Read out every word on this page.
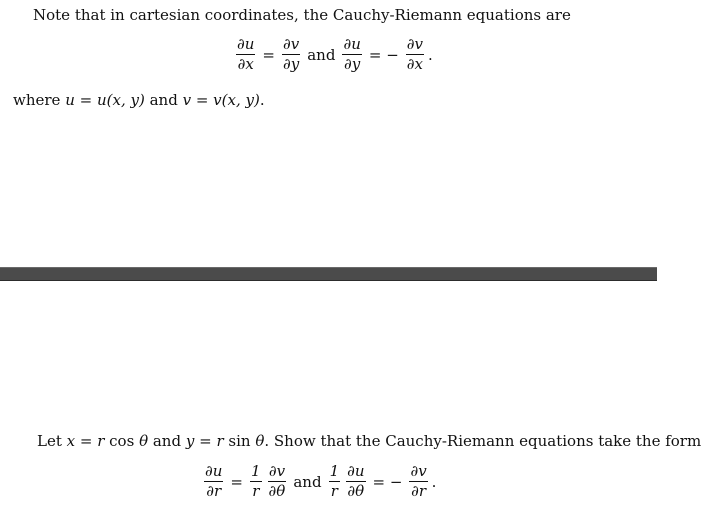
Note that in cartesian coordinates, the Cauchy-Riemann equations are
$\frac{\partial u}{\partial x} = \frac{\partial v}{\partial y}$ and $\frac{\partial u}{\partial y}$ = − $\frac{\partial v}{\partial x}$ .
where u = u(x, y) and v = v(x, y).
Let x = r cos θ and y = r sin θ. Show that the Cauchy-Riemann equations take the form
$\frac{\partial u}{\partial r} = \frac{1}{r} \frac{\partial v}{\partial\theta}$ and $\frac{1}{r} \frac{\partial u}{\partial\theta}$ = − $\frac{\partial v}{\partial r}$ .
